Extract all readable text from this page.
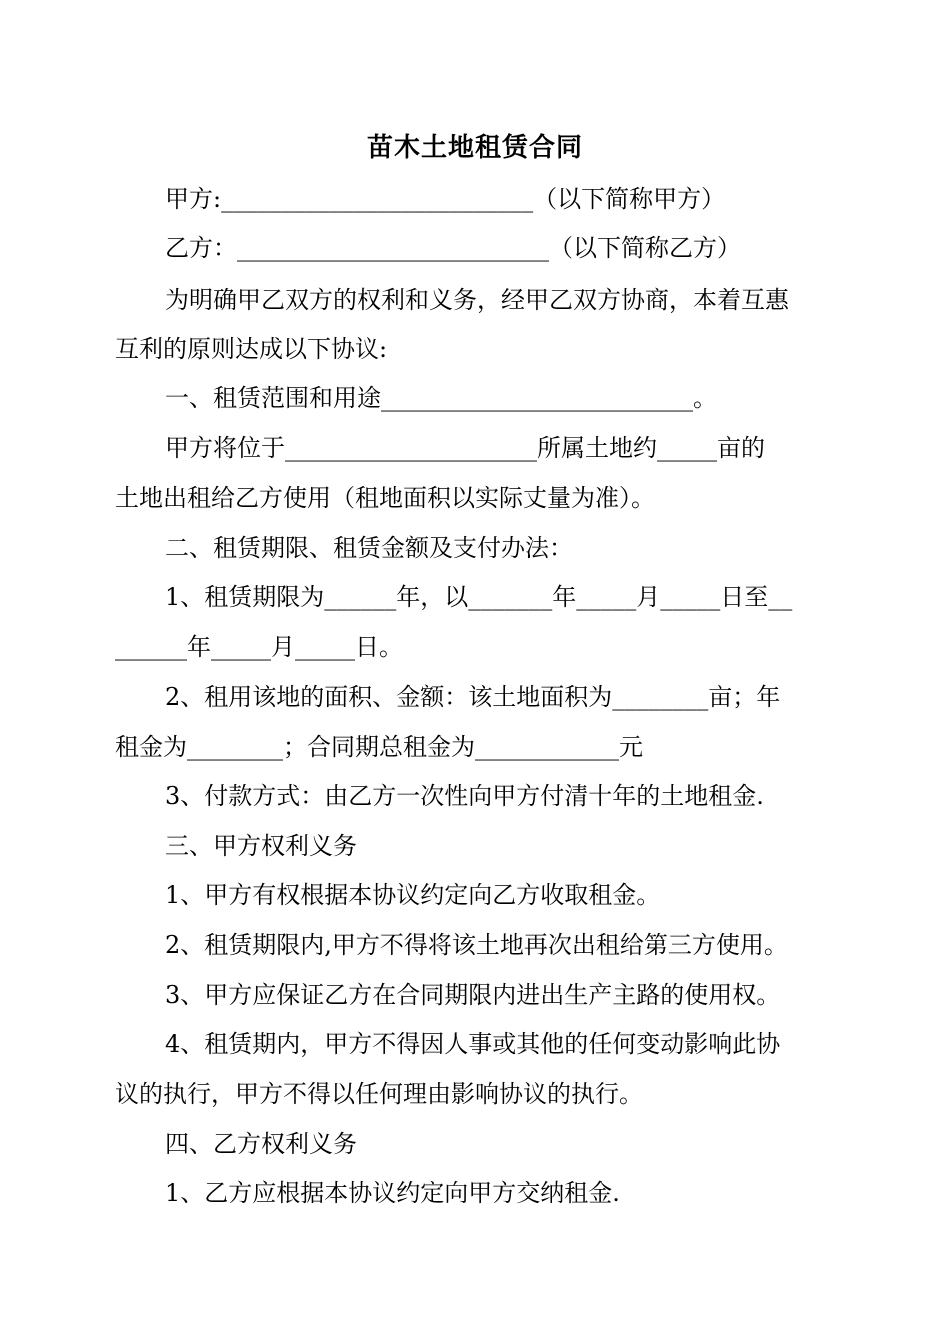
苗木土地租赁合同
甲方:__________________________（以下简称甲方）
乙方：__________________________（以下简称乙方）
为明确甲乙双方的权利和义务，经甲乙双方协商，本着互惠
互利的原则达成以下协议:
一、租赁范围和用途__________________________。
甲方将位于_____________________所属土地约_____亩的
土地出租给乙方使用（租地面积以实际丈量为准）。
二、租赁期限、租赁金额及支付办法：
1、租赁期限为______年，以_______年_____月_____日至__
______年_____月_____日。
2、租用该地的面积、金额：该土地面积为________亩；年
租金为________；合同期总租金为____________元
3、付款方式：由乙方一次性向甲方付清十年的土地租金.
三、甲方权利义务
1、甲方有权根据本协议约定向乙方收取租金。
2、租赁期限内,甲方不得将该土地再次出租给第三方使用。
3、甲方应保证乙方在合同期限内进出生产主路的使用权。
4、租赁期内，甲方不得因人事或其他的任何变动影响此协
议的执行，甲方不得以任何理由影响协议的执行。
四、乙方权利义务
1、乙方应根据本协议约定向甲方交纳租金.
